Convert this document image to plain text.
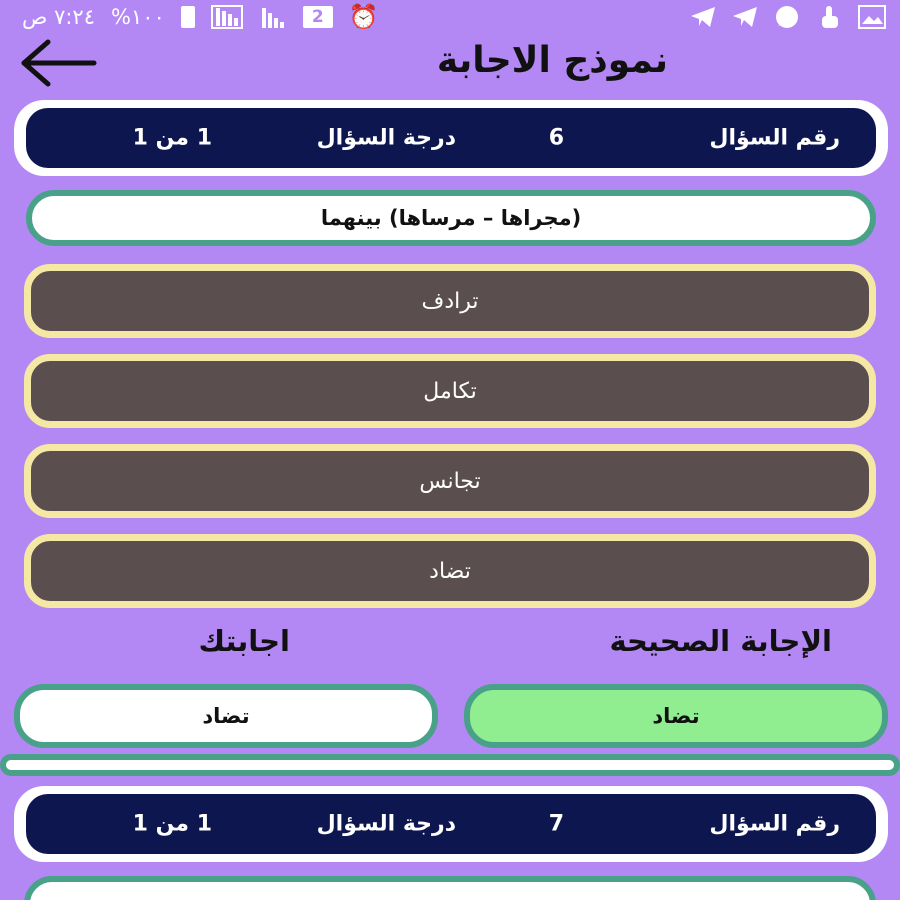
٧:٢٤ ص %١٠٠	2	⏰
نموذج الاجابة
رقم السؤال
6
درجة السؤال
1 من 1
(مجراها – مرساها) بينهما
ترادف
تكامل
تجانس
تضاد
الإجابة الصحيحة
اجابتك
تضاد
تضاد
رقم السؤال
7
درجة السؤال
1 من 1
